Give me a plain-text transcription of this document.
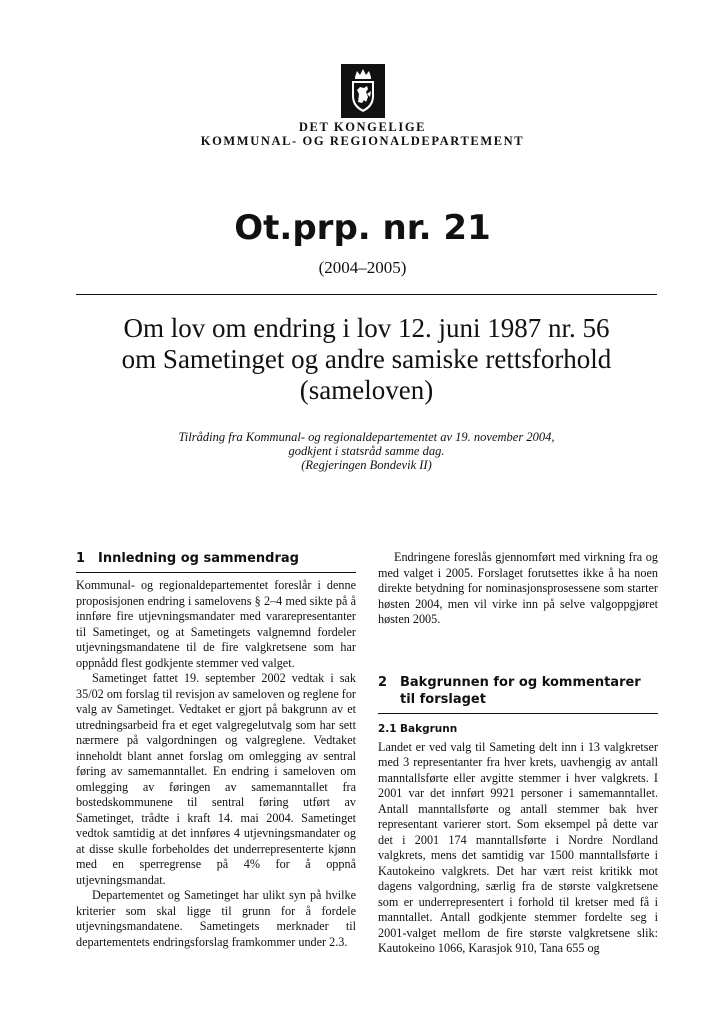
DET KONGELIGE
KOMMUNAL- OG REGIONALDEPARTEMENT
Ot.prp. nr. 21
(2004–2005)
Om lov om endring i lov 12. juni 1987 nr. 56
om Sametinget og andre samiske rettsforhold
(sameloven)
Tilråding fra Kommunal- og regionaldepartementet av 19. november 2004,
godkjent i statsråd samme dag.
(Regjeringen Bondevik II)
1 Innledning og sammendrag

Kommunal- og regionaldepartementet foreslår i denne proposisjonen endring i samelovens § 2–4 med sikte på å innføre fire utjevningsmandater med vararepresentanter til Sametinget, og at Sametingets valgnemnd fordeler utjevningsmandatene til de fire valgkretsene som har oppnådd flest godkjente stemmer ved valget.

Sametinget fattet 19. september 2002 vedtak i sak 35/02 om forslag til revisjon av sameloven og reglene for valg av Sametinget. Vedtaket er gjort på bakgrunn av et utredningsarbeid fra et eget valgregelutvalg som har sett nærmere på valgordningen og valgreglene. Vedtaket inneholdt blant annet forslag om omlegging av sentral føring av samemanntallet. En endring i sameloven om omlegging av føringen av samemanntallet fra bostedskommunene til sentral føring utført av Sametinget, trådte i kraft 14. mai 2004. Sametinget vedtok samtidig at det innføres 4 utjevningsmandater og at disse skulle forbeholdes det underrepresenterte kjønn med en sperregrense på 4% for å oppnå utjevningsmandat.

Departementet og Sametinget har ulikt syn på hvilke kriterier som skal ligge til grunn for å fordele utjevningsmandatene. Sametingets merknader til departementets endringsforslag framkommer under 2.3.

Endringene foreslås gjennomført med virkning fra og med valget i 2005. Forslaget forutsettes ikke å ha noen direkte betydning for nominasjonsprosessene som starter høsten 2004, men vil virke inn på selve valgoppgjøret høsten 2005.

2 Bakgrunnen for og kommentarer til forslaget
2.1 Bakgrunn

Landet er ved valg til Sameting delt inn i 13 valgkretser med 3 representanter fra hver krets, uavhengig av antall manntallsførte eller avgitte stemmer i hver valgkrets. I 2001 var det innført 9921 personer i samemanntallet. Antall manntallsførte og antall stemmer bak hver representant varierer stort. Som eksempel på dette var det i 2001 174 manntallsførte i Nordre Nordland valgkrets, mens det samtidig var 1500 manntallsførte i Kautokeino valgkrets. Det har vært reist kritikk mot dagens valgordning, særlig fra de største valgkretsene som er underrepresentert i forhold til kretser med få i manntallet. Antall godkjente stemmer fordelte seg i 2001-valget mellom de fire største valgkretsene slik: Kautokeino 1066, Karasjok 910, Tana 655 og
